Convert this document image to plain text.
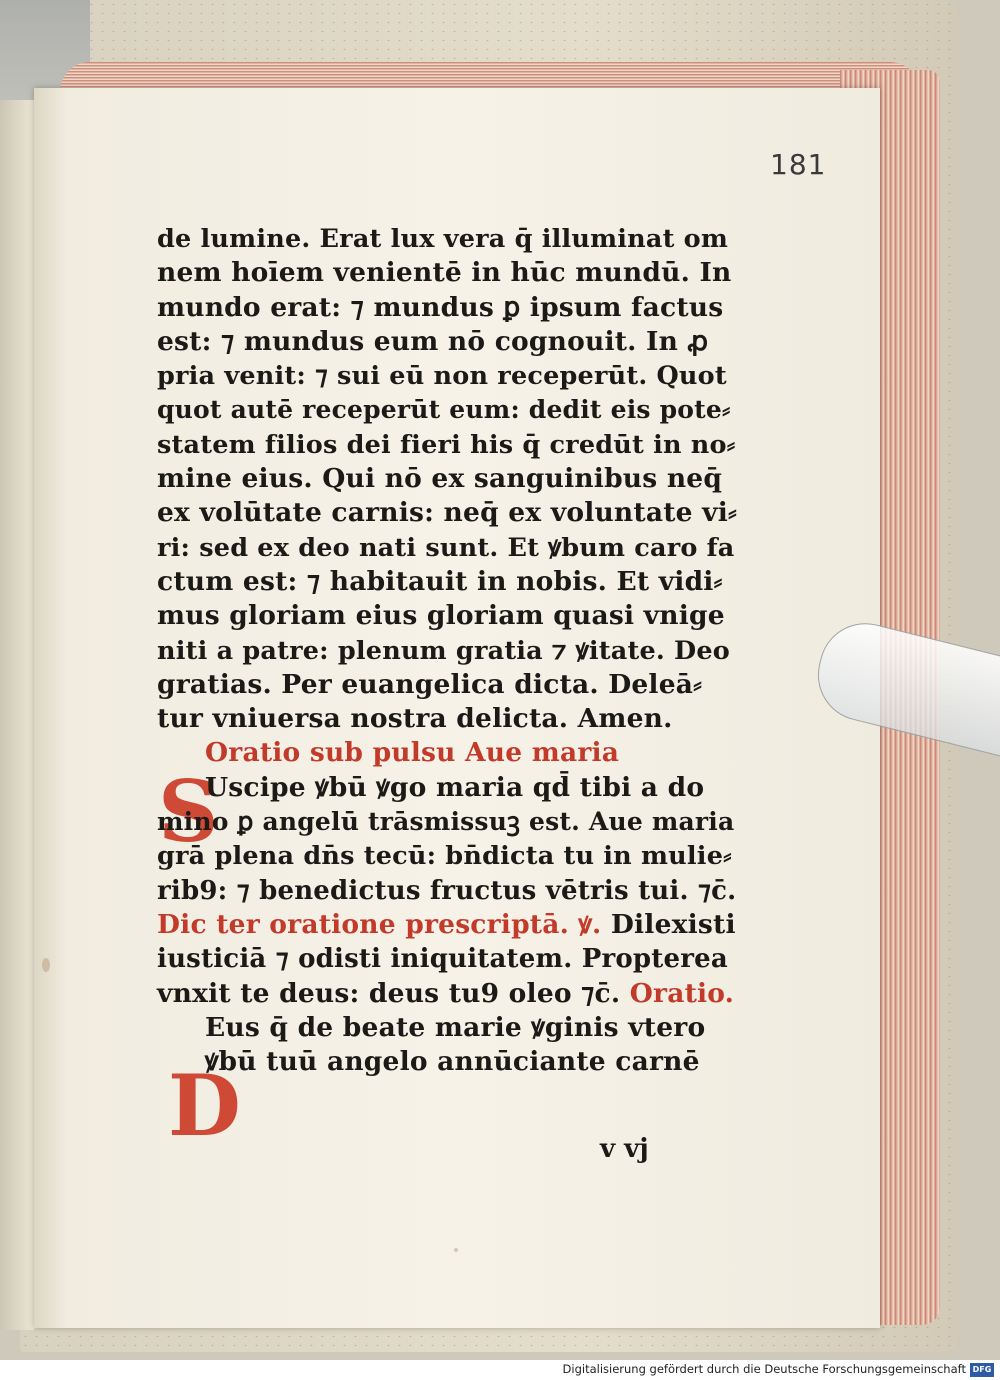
181
S
D
de lumine. Erat lux vera q̄ illuminat om
nem hoīem venientē in hūc mundū. In
mundo erat: ⁊ mundus ꝑ ipsum factus
est: ⁊ mundus eum nō cognouit. In ꝓ
pria venit: ⁊ sui eū non receperūt. Quot
quot autē receperūt eum: dedit eis pote⸗
statem filios dei fieri his q̄ credūt in no⸗
mine eius. Qui nō ex sanguinibus neq̄
ex volūtate carnis: neq̄ ex voluntate vi⸗
ri: sed ex deo nati sunt. Et ꝟbum caro fa
ctum est: ⁊ habitauit in nobis. Et vidi⸗
mus gloriam eius gloriam quasi vnige
niti a patre: plenum gratia ⁊ ꝟitate. Deo
gratias. Per euangelica dicta. Deleā⸗
tur vniuersa nostra delicta. Amen.
Oratio sub pulsu Aue maria
Uscipe ꝟbū ꝟgo maria qd̄ tibi a do
mino ꝑ angelū trāsmissuꝫ est. Aue maria
grā plena dn̄s tecū: bn̄dicta tu in mulie⸗
rib9: ⁊ benedictus fructus vētris tui. ⁊c̄.
Dic ter oratione prescriptā. ꝟ. Dilexisti
iusticiā ⁊ odisti iniquitatem. Propterea
vnxit te deus: deus tu9 oleo ⁊c̄. Oratio.
Eus q̄ de beate marie ꝟginis vtero
ꝟbū tuū angelo annūciante carnē
v vj
Digitalisierung gefördert durch die Deutsche Forschungsgemeinschaft DFG
